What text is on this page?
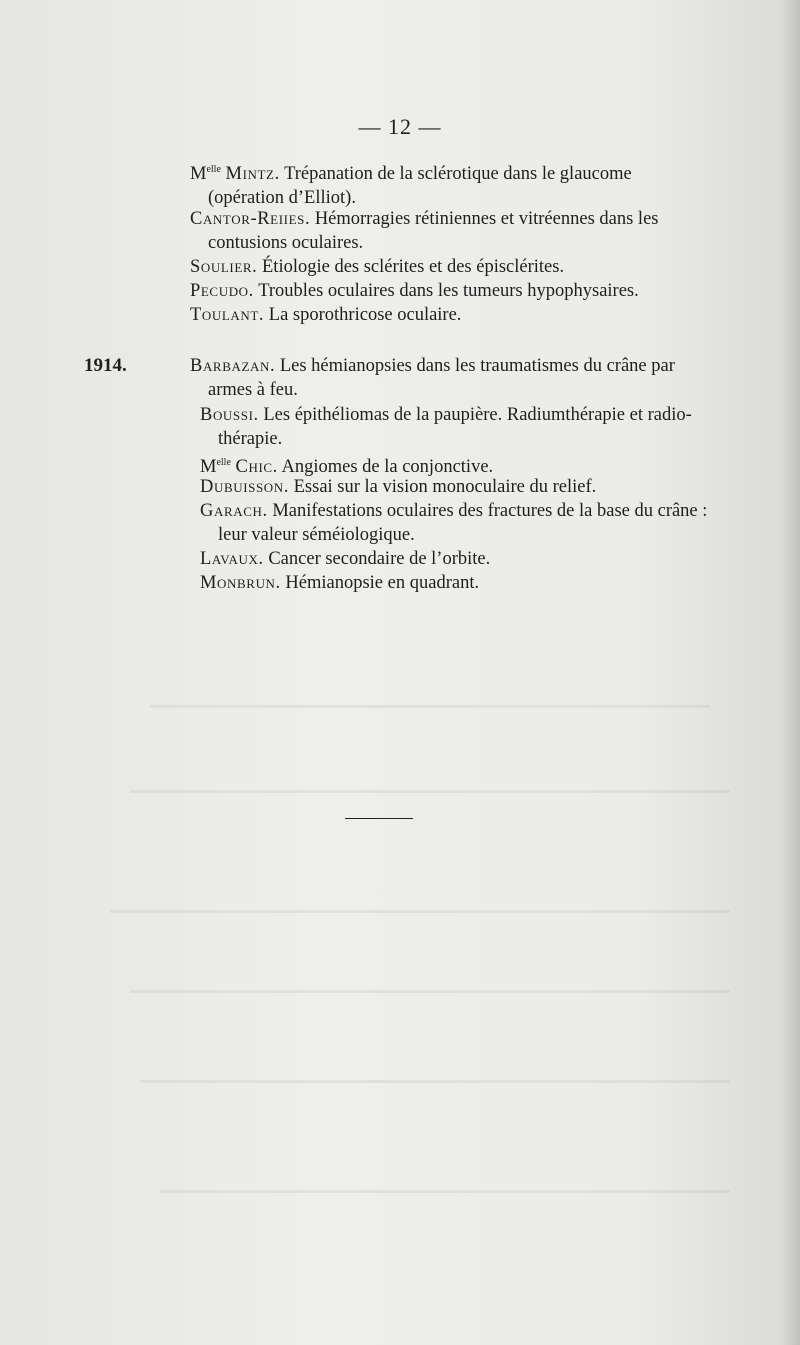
— 12 —
$M^{elle}$ Mintz. Trépanation de la sclérotique dans le glaucome
(opération d’Elliot).
Cantor-Reiies. Hémorragies rétiniennes et vitréennes dans les
contusions oculaires.
Soulier. Étiologie des sclérites et des épisclérites.
Pecudo. Troubles oculaires dans les tumeurs hypophysaires.
Toulant. La sporothricose oculaire.
1914.	Barbazan. Les hémianopsies dans les traumatismes du crâne par
armes à feu.
Boussi. Les épithéliomas de la paupière. Radiumthérapie et radio-
thérapie.
$M^{elle}$ Chic. Angiomes de la conjonctive.
Dubuisson. Essai sur la vision monoculaire du relief.
Garach. Manifestations oculaires des fractures de la base du crâne :
leur valeur séméiologique.
Lavaux. Cancer secondaire de l’orbite.
Monbrun. Hémianopsie en quadrant.
